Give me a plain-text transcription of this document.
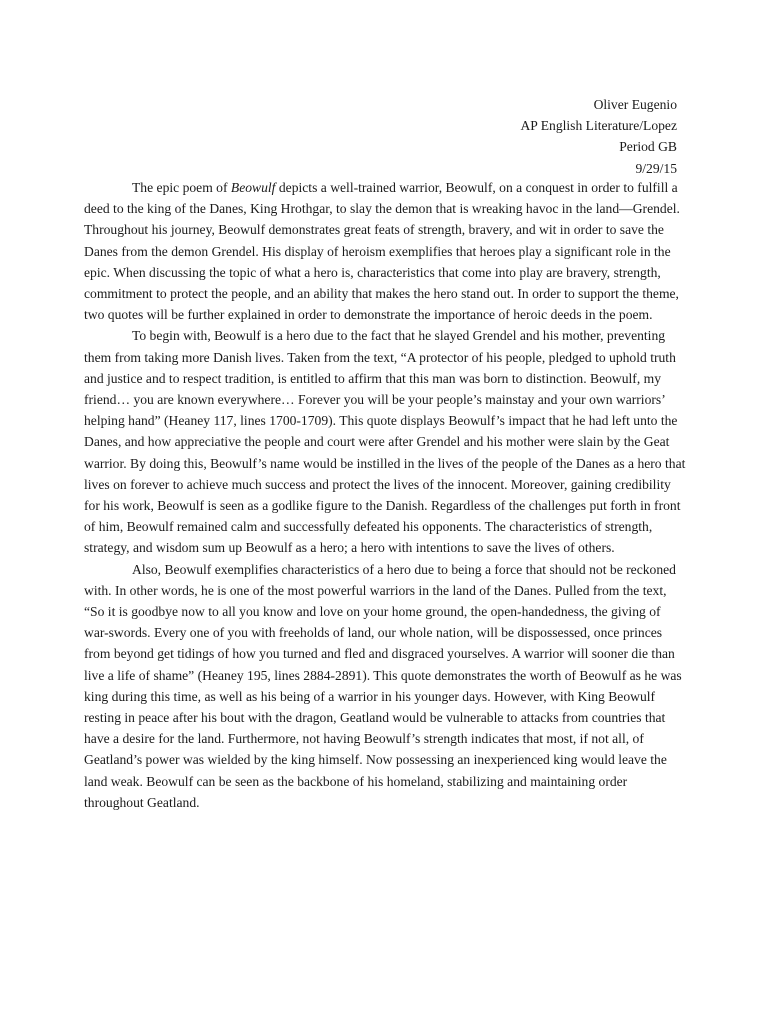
Oliver Eugenio
AP English Literature/Lopez
Period GB
9/29/15

The epic poem of Beowulf depicts a well-trained warrior, Beowulf, on a conquest in order to fulfill a deed to the king of the Danes, King Hrothgar, to slay the demon that is wreaking havoc in the land—Grendel. Throughout his journey, Beowulf demonstrates great feats of strength, bravery, and wit in order to save the Danes from the demon Grendel. His display of heroism exemplifies that heroes play a significant role in the epic. When discussing the topic of what a hero is, characteristics that come into play are bravery, strength, commitment to protect the people, and an ability that makes the hero stand out. In order to support the theme, two quotes will be further explained in order to demonstrate the importance of heroic deeds in the poem.

To begin with, Beowulf is a hero due to the fact that he slayed Grendel and his mother, preventing them from taking more Danish lives. Taken from the text, “A protector of his people, pledged to uphold truth and justice and to respect tradition, is entitled to affirm that this man was born to distinction. Beowulf, my friend… you are known everywhere… Forever you will be your people’s mainstay and your own warriors’ helping hand” (Heaney 117, lines 1700-1709). This quote displays Beowulf’s impact that he had left unto the Danes, and how appreciative the people and court were after Grendel and his mother were slain by the Geat warrior. By doing this, Beowulf’s name would be instilled in the lives of the people of the Danes as a hero that lives on forever to achieve much success and protect the lives of the innocent. Moreover, gaining credibility for his work, Beowulf is seen as a godlike figure to the Danish. Regardless of the challenges put forth in front of him, Beowulf remained calm and successfully defeated his opponents. The characteristics of strength, strategy, and wisdom sum up Beowulf as a hero; a hero with intentions to save the lives of others.

Also, Beowulf exemplifies characteristics of a hero due to being a force that should not be reckoned with. In other words, he is one of the most powerful warriors in the land of the Danes. Pulled from the text, “So it is goodbye now to all you know and love on your home ground, the open-handedness, the giving of war-swords. Every one of you with freeholds of land, our whole nation, will be dispossessed, once princes from beyond get tidings of how you turned and fled and disgraced yourselves. A warrior will sooner die than live a life of shame” (Heaney 195, lines 2884-2891). This quote demonstrates the worth of Beowulf as he was king during this time, as well as his being of a warrior in his younger days. However, with King Beowulf resting in peace after his bout with the dragon, Geatland would be vulnerable to attacks from countries that have a desire for the land. Furthermore, not having Beowulf’s strength indicates that most, if not all, of Geatland’s power was wielded by the king himself. Now possessing an inexperienced king would leave the land weak. Beowulf can be seen as the backbone of his homeland, stabilizing and maintaining order throughout Geatland.
